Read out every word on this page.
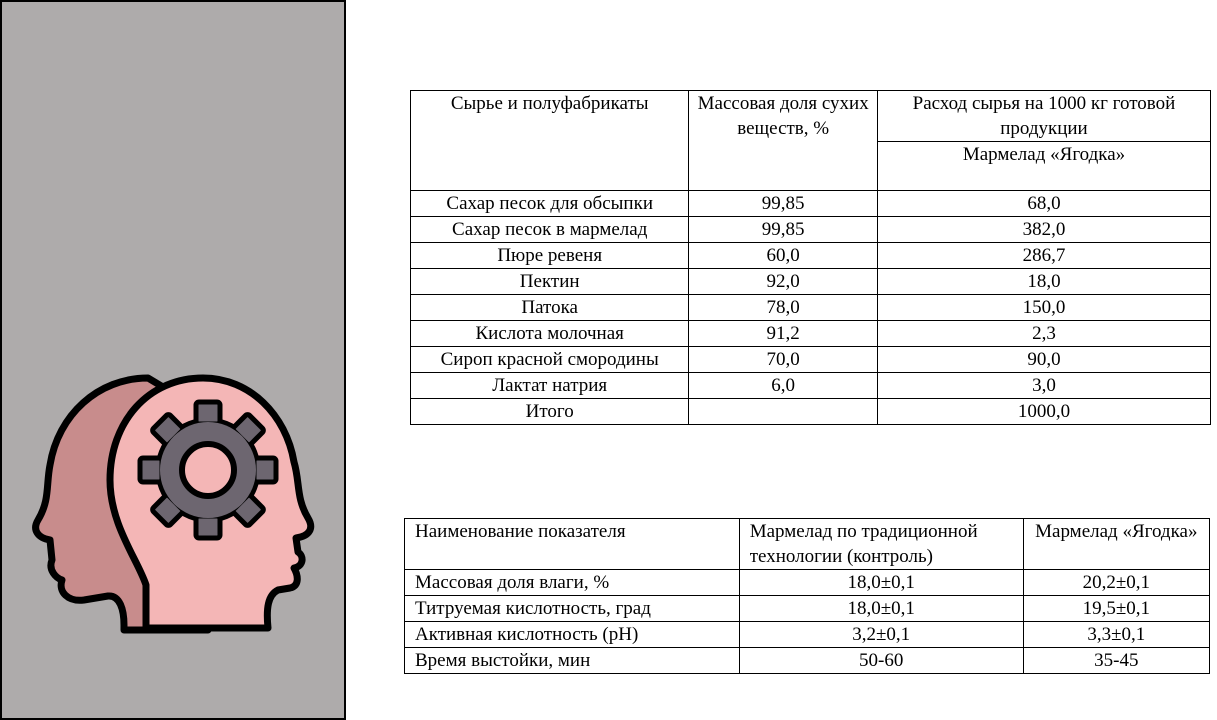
Сырье и полуфабрикаты	Массовая доля сухих веществ, %	Расход сырья на 1000 кг готовой продукции
		Мармелад «Ягодка»
Сахар песок для обсыпки	99,85	68,0
Сахар песок в мармелад	99,85	382,0
Пюре ревеня	60,0	286,7
Пектин	92,0	18,0
Патока	78,0	150,0
Кислота молочная	91,2	2,3
Сироп красной смородины	70,0	90,0
Лактат натрия	6,0	3,0
Итого		1000,0
Наименование показателя	Мармелад по традиционной технологии (контроль)	Мармелад «Ягодка»
Массовая доля влаги, %	18,0±0,1	20,2±0,1
Титруемая кислотность, град	18,0±0,1	19,5±0,1
Активная кислотность (pH)	3,2±0,1	3,3±0,1
Время выстойки, мин	50-60	35-45
